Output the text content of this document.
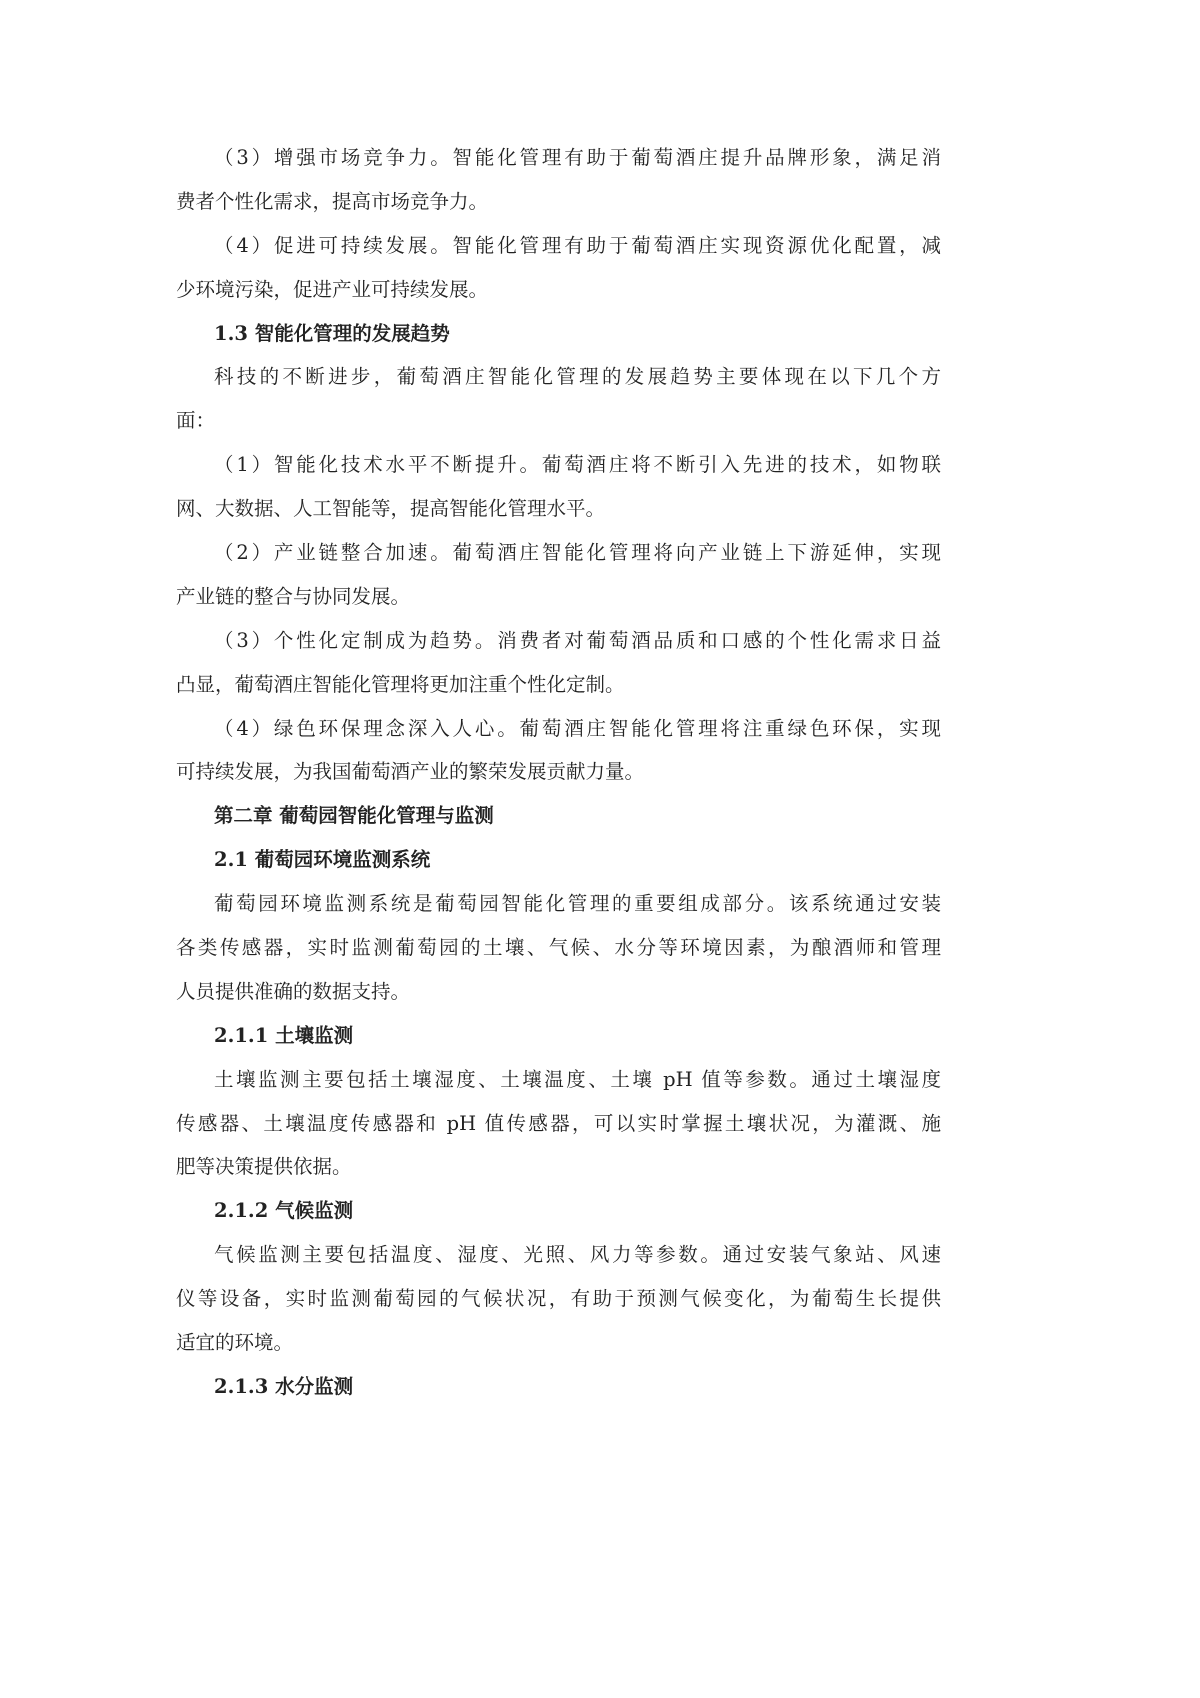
（3）增强市场竞争力。智能化管理有助于葡萄酒庄提升品牌形象，满足消
费者个性化需求，提高市场竞争力。
（4）促进可持续发展。智能化管理有助于葡萄酒庄实现资源优化配置，减
少环境污染，促进产业可持续发展。
1.3 智能化管理的发展趋势
科技的不断进步，葡萄酒庄智能化管理的发展趋势主要体现在以下几个方
面：
（1）智能化技术水平不断提升。葡萄酒庄将不断引入先进的技术，如物联
网、大数据、人工智能等，提高智能化管理水平。
（2）产业链整合加速。葡萄酒庄智能化管理将向产业链上下游延伸，实现
产业链的整合与协同发展。
（3）个性化定制成为趋势。消费者对葡萄酒品质和口感的个性化需求日益
凸显，葡萄酒庄智能化管理将更加注重个性化定制。
（4）绿色环保理念深入人心。葡萄酒庄智能化管理将注重绿色环保，实现
可持续发展，为我国葡萄酒产业的繁荣发展贡献力量。
第二章 葡萄园智能化管理与监测
2.1 葡萄园环境监测系统
葡萄园环境监测系统是葡萄园智能化管理的重要组成部分。该系统通过安装
各类传感器，实时监测葡萄园的土壤、气候、水分等环境因素，为酿酒师和管理
人员提供准确的数据支持。
2.1.1 土壤监测
土壤监测主要包括土壤湿度、土壤温度、土壤 pH 值等参数。通过土壤湿度
传感器、土壤温度传感器和 pH 值传感器，可以实时掌握土壤状况，为灌溉、施
肥等决策提供依据。
2.1.2 气候监测
气候监测主要包括温度、湿度、光照、风力等参数。通过安装气象站、风速
仪等设备，实时监测葡萄园的气候状况，有助于预测气候变化，为葡萄生长提供
适宜的环境。
2.1.3 水分监测
